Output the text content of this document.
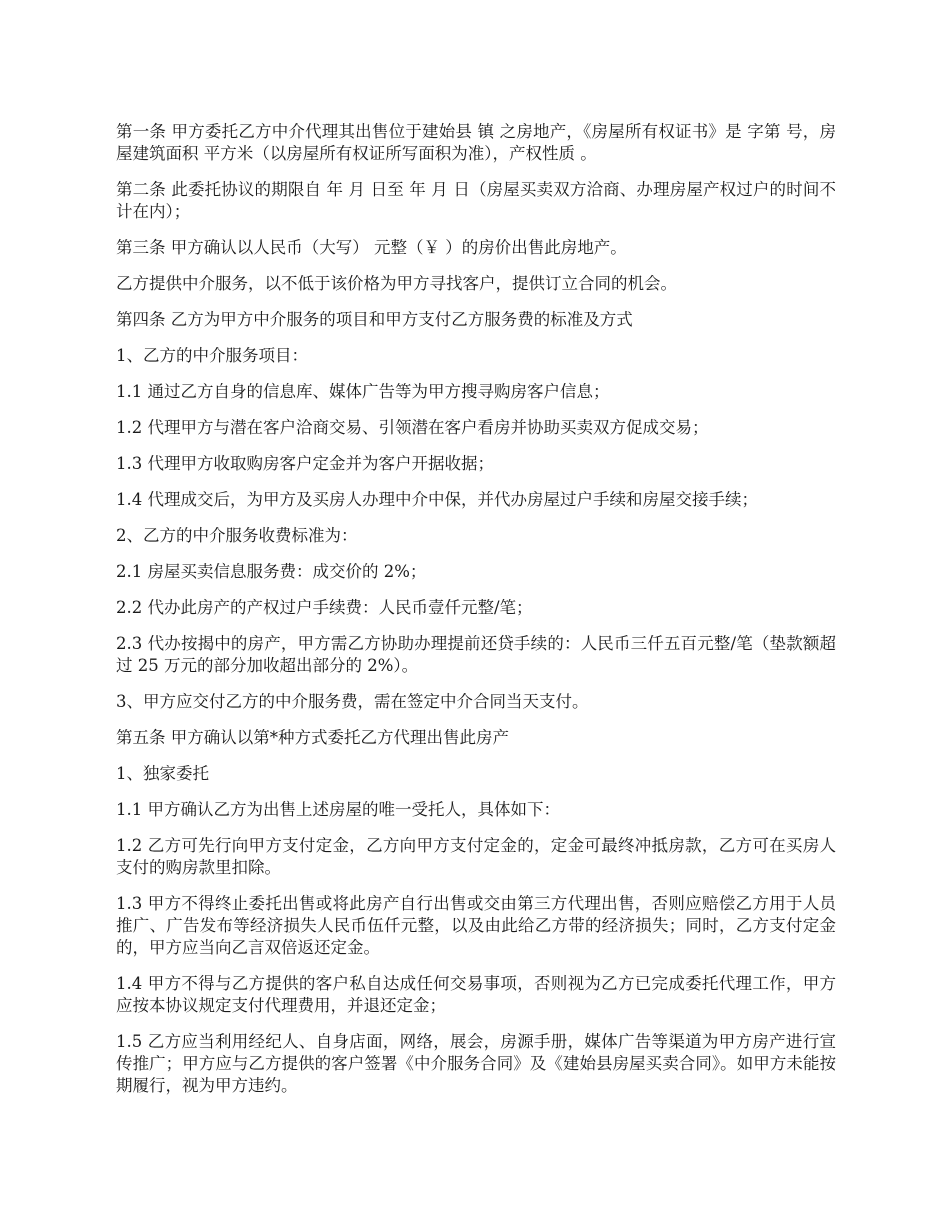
第一条 甲方委托乙方中介代理其出售位于建始县 镇 之房地产，《房屋所有权证书》是 字第 号，房屋建筑面积 平方米（以房屋所有权证所写面积为准），产权性质 。

第二条 此委托协议的期限自 年 月 日至 年 月 日（房屋买卖双方洽商、办理房屋产权过户的时间不计在内）；

第三条 甲方确认以人民币（大写） 元整（￥ ）的房价出售此房地产。

乙方提供中介服务，以不低于该价格为甲方寻找客户，提供订立合同的机会。

第四条 乙方为甲方中介服务的项目和甲方支付乙方服务费的标准及方式

1、乙方的中介服务项目：

1.1 通过乙方自身的信息库、媒体广告等为甲方搜寻购房客户信息；

1.2 代理甲方与潜在客户洽商交易、引领潜在客户看房并协助买卖双方促成交易；

1.3 代理甲方收取购房客户定金并为客户开据收据；

1.4 代理成交后，为甲方及买房人办理中介中保，并代办房屋过户手续和房屋交接手续；

2、乙方的中介服务收费标准为：

2.1 房屋买卖信息服务费：成交价的 2%；

2.2 代办此房产的产权过户手续费：人民币壹仟元整/笔；

2.3 代办按揭中的房产，甲方需乙方协助办理提前还贷手续的：人民币三仟五百元整/笔（垫款额超过 25 万元的部分加收超出部分的 2%）。

3、甲方应交付乙方的中介服务费，需在签定中介合同当天支付。

第五条 甲方确认以第*种方式委托乙方代理出售此房产

1、独家委托

1.1 甲方确认乙方为出售上述房屋的唯一受托人，具体如下：

1.2 乙方可先行向甲方支付定金，乙方向甲方支付定金的，定金可最终冲抵房款，乙方可在买房人支付的购房款里扣除。

1.3 甲方不得终止委托出售或将此房产自行出售或交由第三方代理出售，否则应赔偿乙方用于人员推广、广告发布等经济损失人民币伍仟元整，以及由此给乙方带的经济损失；同时，乙方支付定金的，甲方应当向乙言双倍返还定金。

1.4 甲方不得与乙方提供的客户私自达成任何交易事项，否则视为乙方已完成委托代理工作，甲方应按本协议规定支付代理费用，并退还定金；

1.5 乙方应当利用经纪人、自身店面，网络，展会，房源手册，媒体广告等渠道为甲方房产进行宣传推广；甲方应与乙方提供的客户签署《中介服务合同》及《建始县房屋买卖合同》。如甲方未能按期履行，视为甲方违约。
